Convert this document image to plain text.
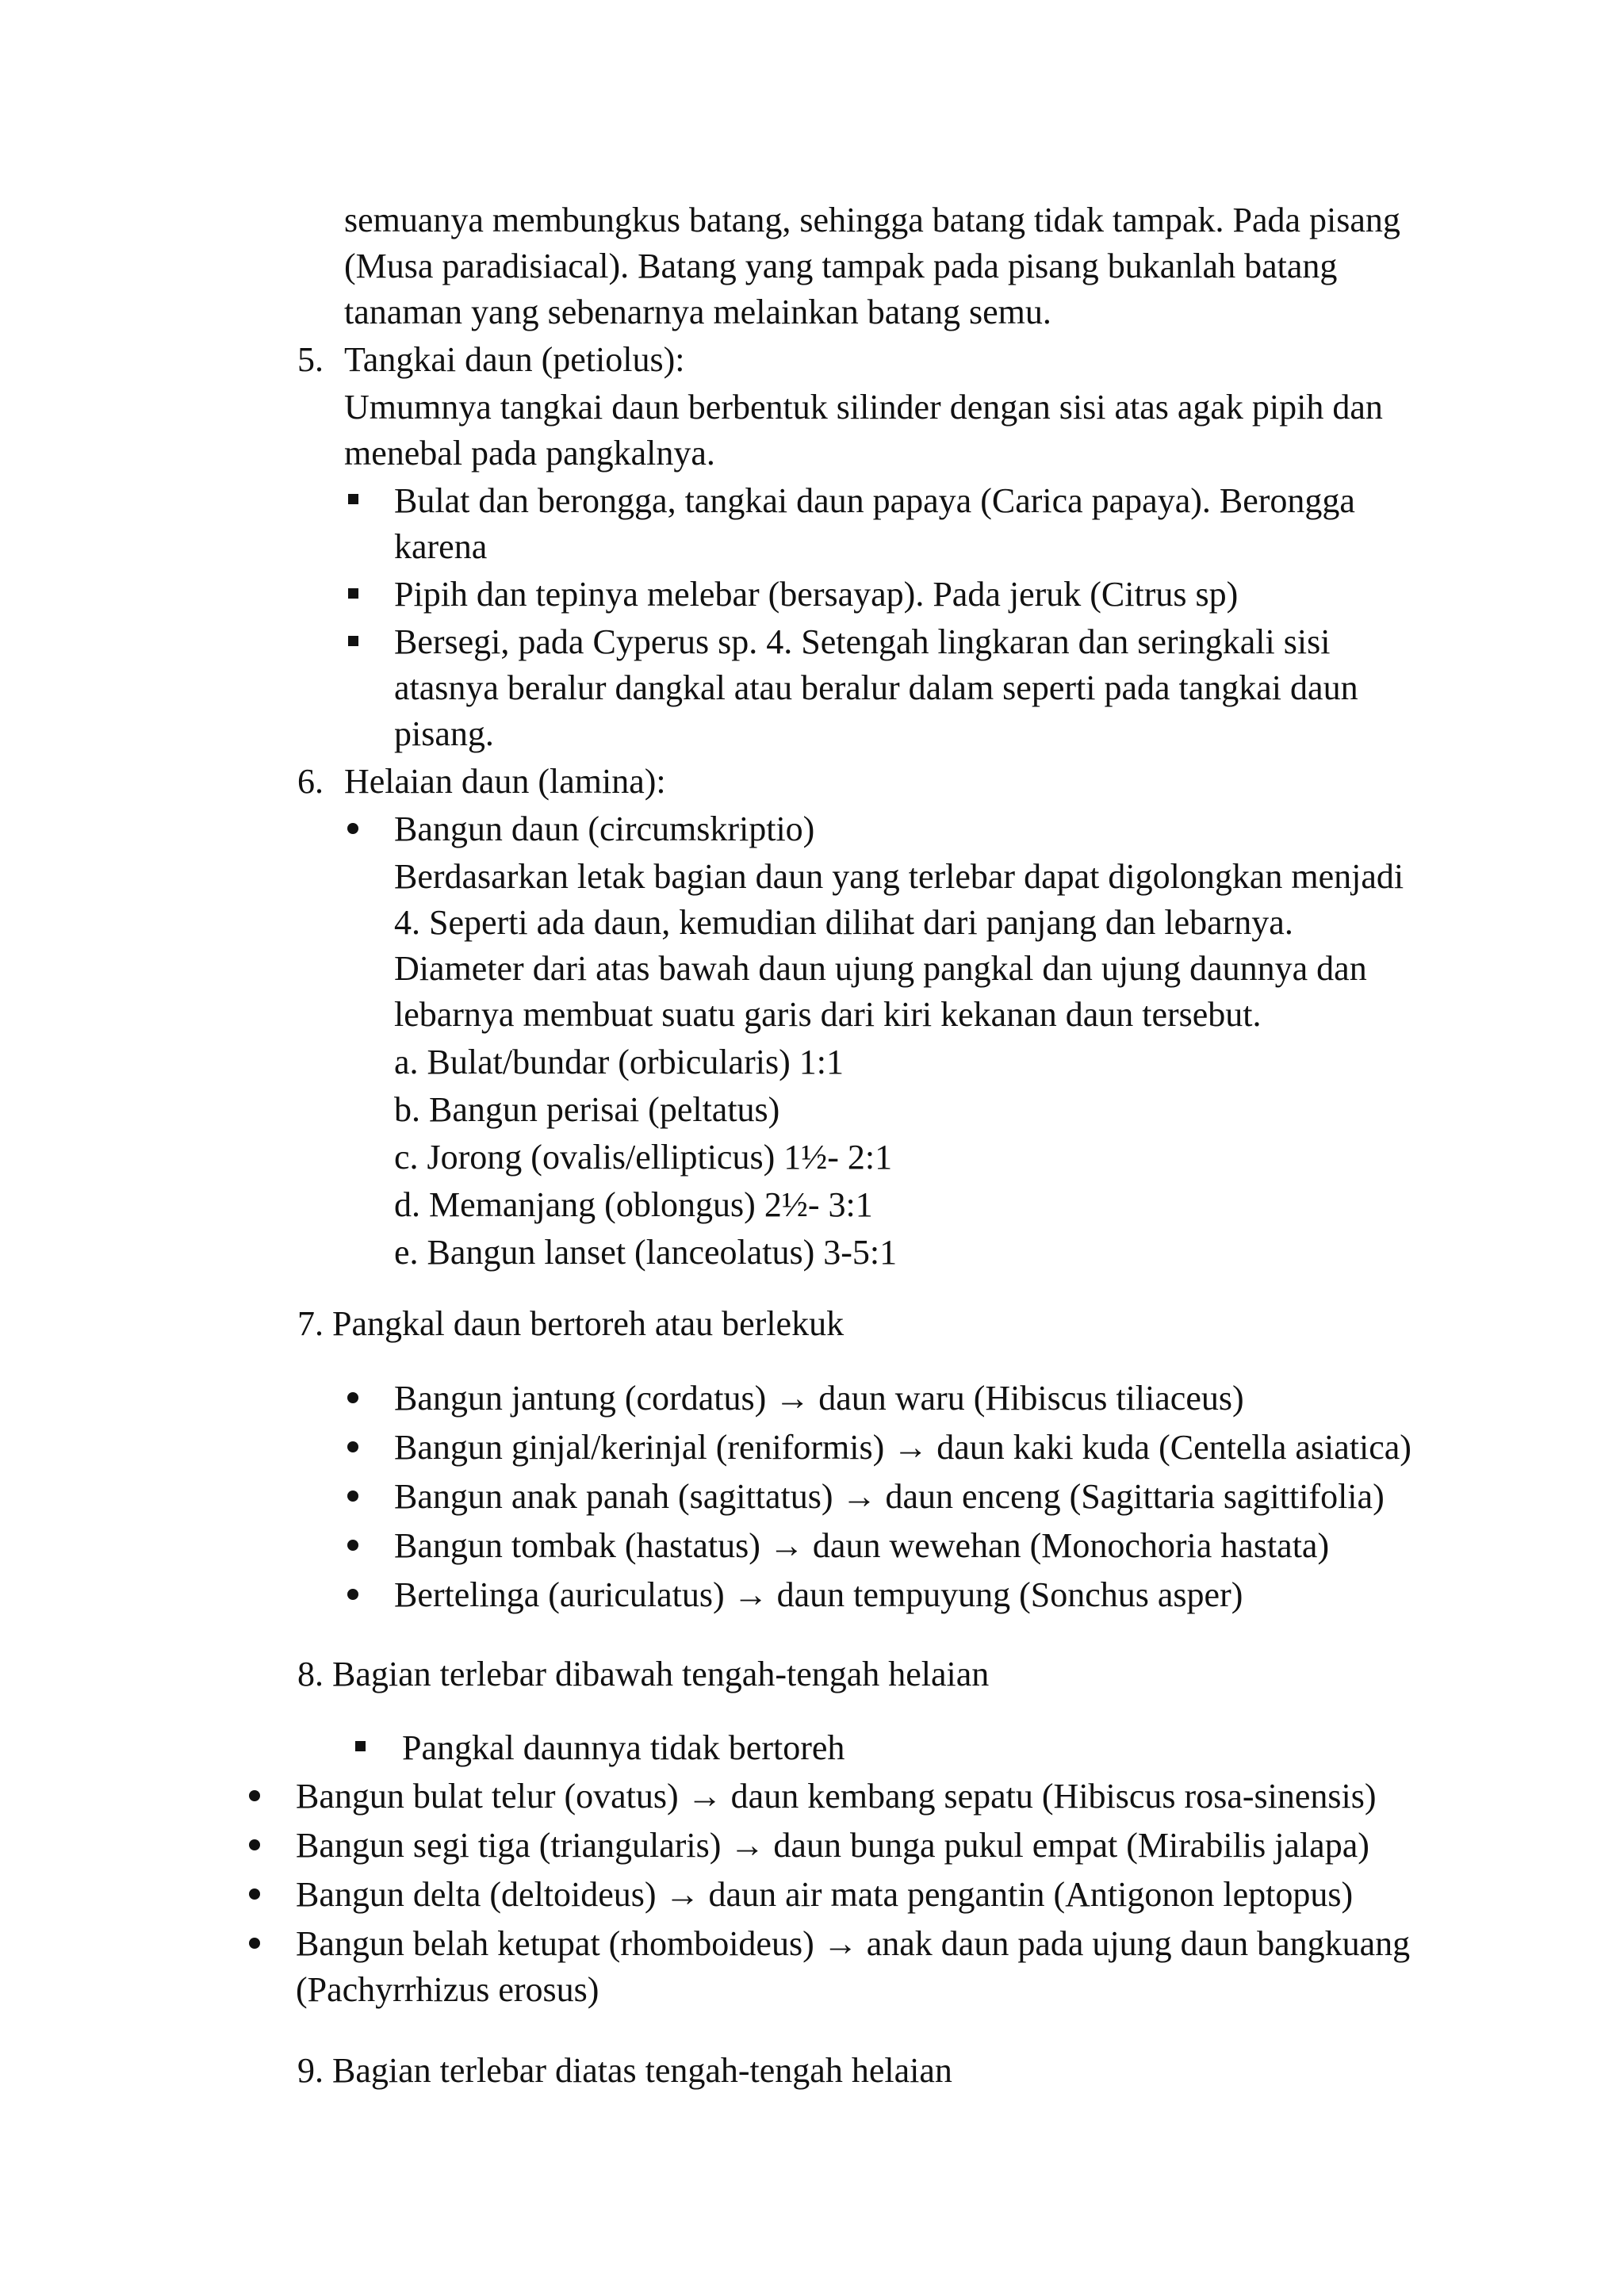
semuanya membungkus batang, sehingga batang tidak tampak. Pada pisang
(Musa paradisiacal). Batang yang tampak pada pisang bukanlah batang
tanaman yang sebenarnya melainkan batang semu.
5. Tangkai daun (petiolus):
Umumnya tangkai daun berbentuk silinder dengan sisi atas agak pipih dan
menebal pada pangkalnya.
Bulat dan berongga, tangkai daun papaya (Carica papaya). Berongga
karena
Pipih dan tepinya melebar (bersayap). Pada jeruk (Citrus sp)
Bersegi, pada Cyperus sp. 4. Setengah lingkaran dan seringkali sisi
atasnya beralur dangkal atau beralur dalam seperti pada tangkai daun
pisang.
6. Helaian daun (lamina):
Bangun daun (circumskriptio)
Berdasarkan letak bagian daun yang terlebar dapat digolongkan menjadi
4. Seperti ada daun, kemudian dilihat dari panjang dan lebarnya.
Diameter dari atas bawah daun ujung pangkal dan ujung daunnya dan
lebarnya membuat suatu garis dari kiri kekanan daun tersebut.
a. Bulat/bundar (orbicularis) 1:1
b. Bangun perisai (peltatus)
c. Jorong (ovalis/ellipticus) 1½- 2:1
d. Memanjang (oblongus) 2½- 3:1
e. Bangun lanset (lanceolatus) 3-5:1
7. Pangkal daun bertoreh atau berlekuk
Bangun jantung (cordatus) → daun waru (Hibiscus tiliaceus)
Bangun ginjal/kerinjal (reniformis) → daun kaki kuda (Centella asiatica)
Bangun anak panah (sagittatus) → daun enceng (Sagittaria sagittifolia)
Bangun tombak (hastatus) → daun wewehan (Monochoria hastata)
Bertelinga (auriculatus) → daun tempuyung (Sonchus asper)
8. Bagian terlebar dibawah tengah-tengah helaian
Pangkal daunnya tidak bertoreh
Bangun bulat telur (ovatus) → daun kembang sepatu (Hibiscus rosa-sinensis)
Bangun segi tiga (triangularis) → daun bunga pukul empat (Mirabilis jalapa)
Bangun delta (deltoideus) → daun air mata pengantin (Antigonon leptopus)
Bangun belah ketupat (rhomboideus) → anak daun pada ujung daun bangkuang
(Pachyrrhizus erosus)
9. Bagian terlebar diatas tengah-tengah helaian
